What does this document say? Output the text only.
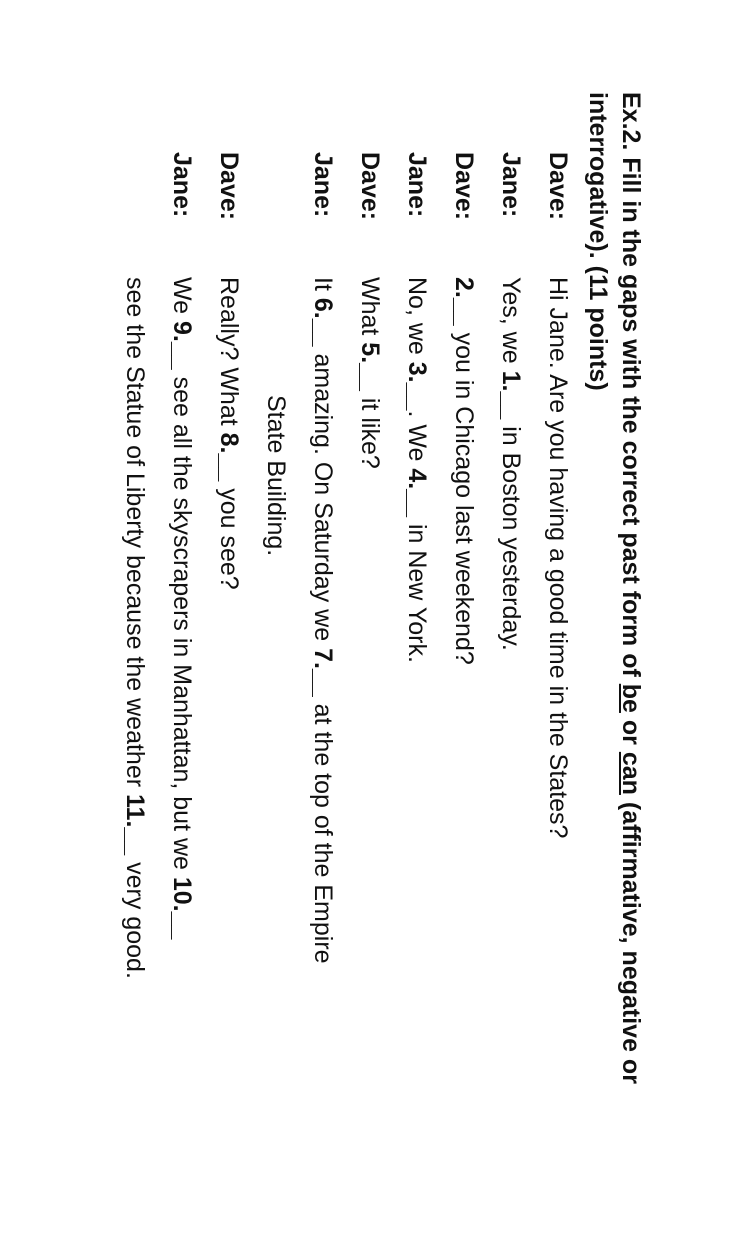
Ex.2. Fill in the gaps with the correct past form of be or can (affirmative, negative or interrogative). (11 points)
Dave:
Hi Jane. Are you having a good time in the States?
Jane:
Yes, we 1.__ in Boston yesterday.
Dave:
2.__ you in Chicago last weekend?
Jane:
No, we 3.__. We 4.__ in New York.
Dave:
What 5.__ it like?
Jane:
It 6.__ amazing. On Saturday we 7.__ at the top of the Empire
State Building.
Dave:
Really? What 8.__ you see?
Jane:
We 9.__ see all the skyscrapers in Manhattan, but we 10.__
see the Statue of Liberty because the weather 11.__ very good.
